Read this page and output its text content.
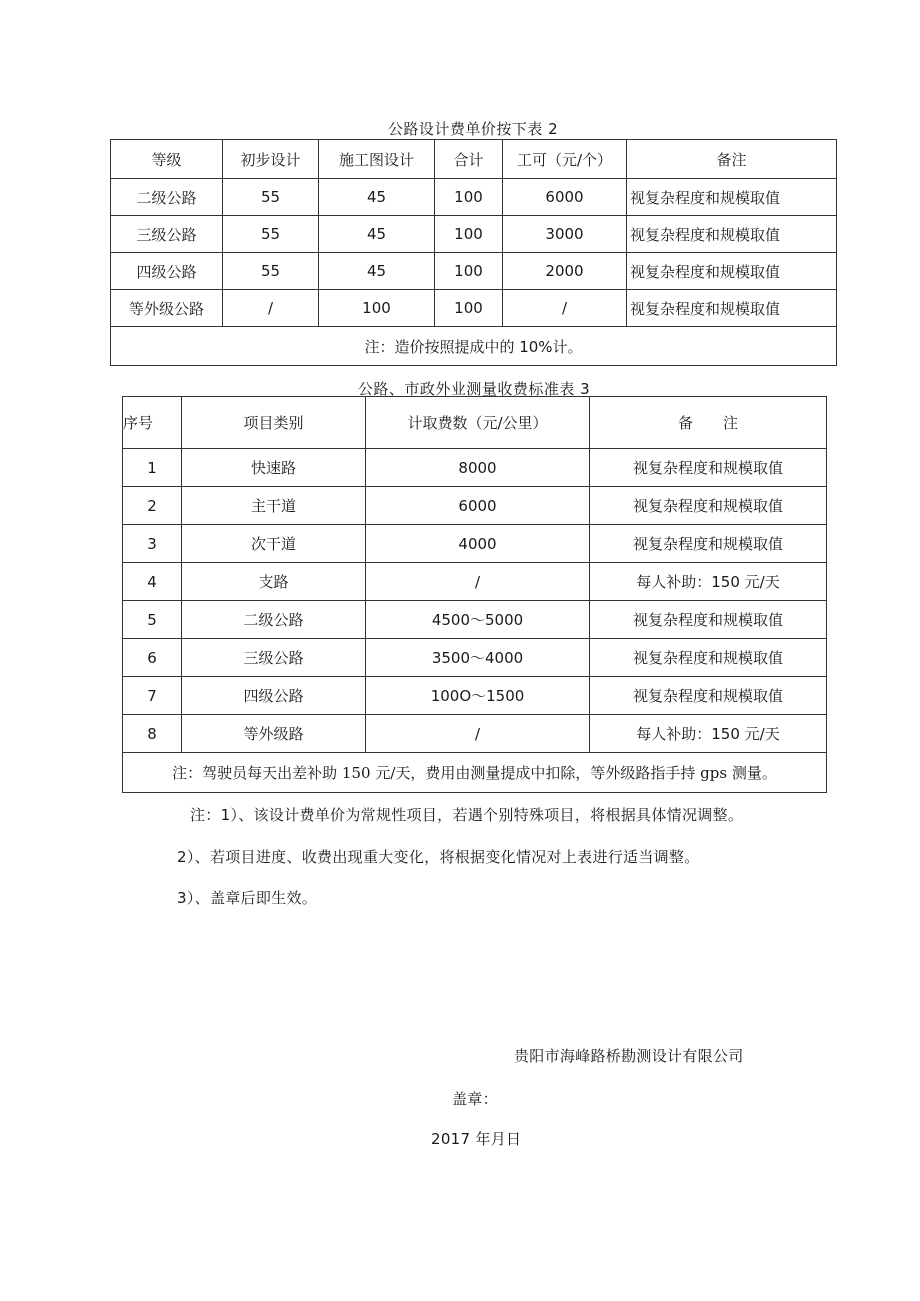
公路设计费单价按下表 2
等级	初步设计	施工图设计	合计	工可（元/个）	备注
二级公路	55	45	100	6000	视复杂程度和规模取值
三级公路	55	45	100	3000	视复杂程度和规模取值
四级公路	55	45	100	2000	视复杂程度和规模取值
等外级公路	/	100	100	/	视复杂程度和规模取值
注：造价按照提成中的 10%计。					
公路、市政外业测量收费标准表 3
序号	项目类别	计取费数（元/公里）	备　　注
1	快速路	8000	视复杂程度和规模取值
2	主干道	6000	视复杂程度和规模取值
3	次干道	4000	视复杂程度和规模取值
4	支路	/	每人补助：150 元/天
5	二级公路	4500～5000	视复杂程度和规模取值
6	三级公路	3500～4000	视复杂程度和规模取值
7	四级公路	100O～1500	视复杂程度和规模取值
8	等外级路	/	每人补助：150 元/天
注：驾驶员每天出差补助 150 元/天，费用由测量提成中扣除，等外级路指手持 gps 测量。			
注：1）、该设计费单价为常规性项目，若遇个别特殊项目，将根据具体情况调整。
2）、若项目进度、收费出现重大变化，将根据变化情况对上表进行适当调整。
3）、盖章后即生效。
贵阳市海峰路桥勘测设计有限公司
盖章：
2017 年月日
